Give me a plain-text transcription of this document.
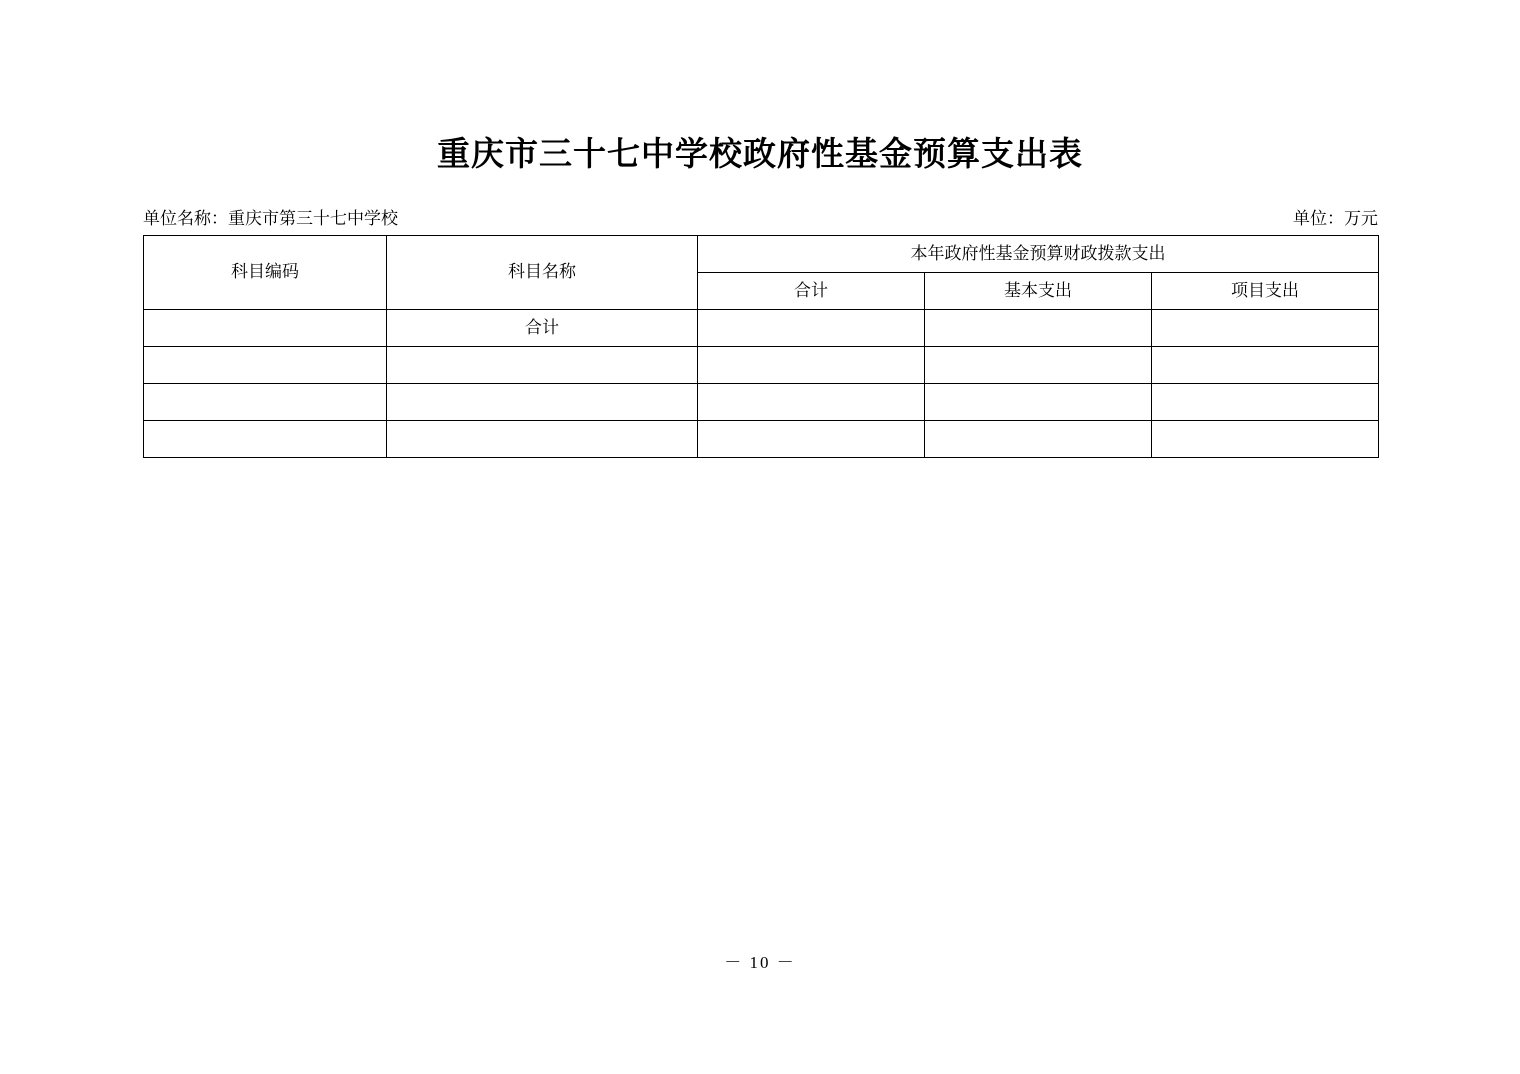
重庆市三十七中学校政府性基金预算支出表
单位名称：重庆市第三十七中学校	单位：万元
科目编码	科目名称	本年政府性基金预算财政拨款支出		

		合计	基本支出	项目支出

	合计			

－ 10 －
